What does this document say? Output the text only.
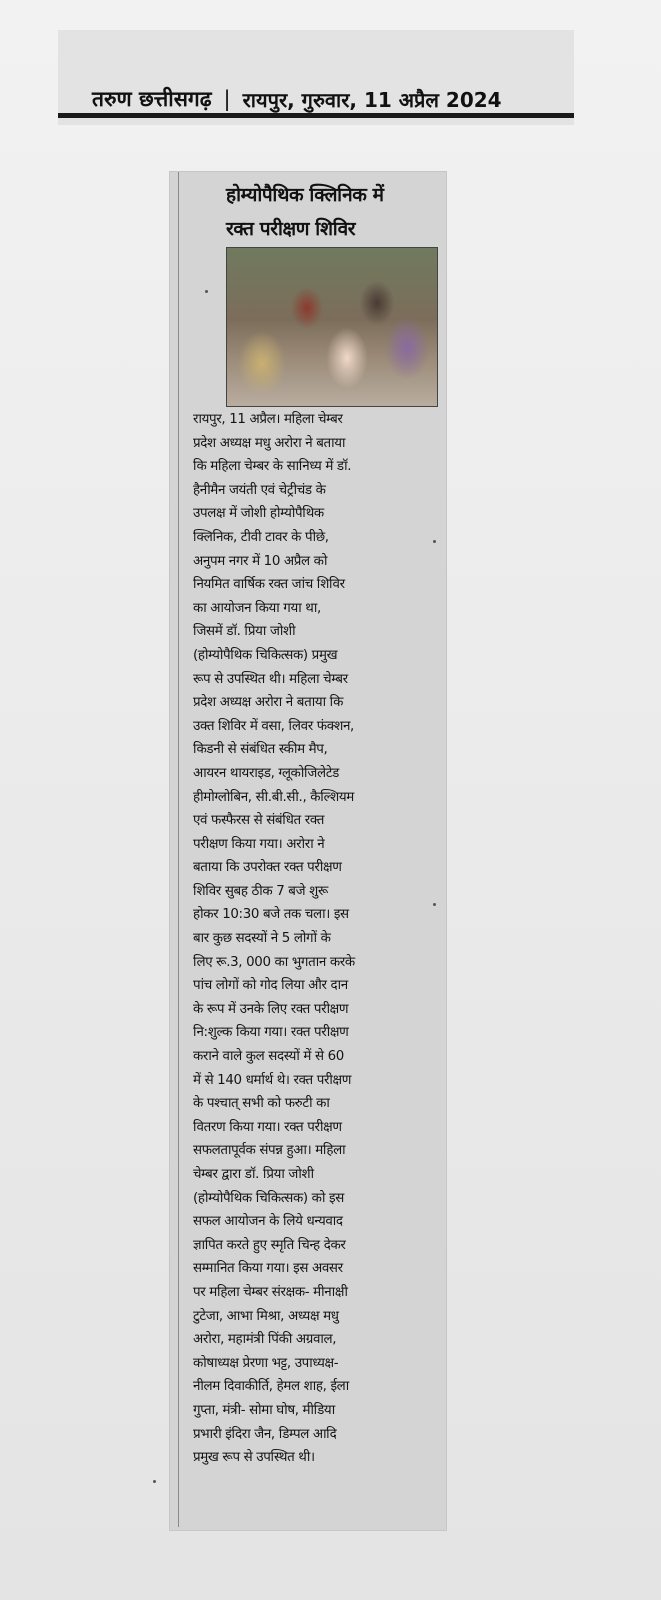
तरुण छत्तीसगढ़ | रायपुर, गुरुवार, 11 अप्रैल 2024
होम्योपैथिक क्लिनिक में
रक्त परीक्षण शिविर
रायपुर, 11 अप्रैल। महिला चेम्बर
प्रदेश अध्यक्ष मधु अरोरा ने बताया
कि महिला चेम्बर के सानिध्य में डॉ.
हैनीमैन जयंती एवं चेट्रीचंड के
उपलक्ष में जोशी होम्योपैथिक
क्लिनिक, टीवी टावर के पीछे,
अनुपम नगर में 10 अप्रैल को
नियमित वार्षिक रक्त जांच शिविर
का आयोजन किया गया था,
जिसमें डॉ. प्रिया जोशी
(होम्योपैथिक चिकित्सक) प्रमुख
रूप से उपस्थित थी। महिला चेम्बर
प्रदेश अध्यक्ष अरोरा ने बताया कि
उक्त शिविर में वसा, लिवर फंक्शन,
किडनी से संबंधित स्कीम मैप,
आयरन थायराइड, ग्लूकोजिलेटेड
हीमोग्लोबिन, सी.बी.सी., कैल्शियम
एवं फस्फैरस से संबंधित रक्त
परीक्षण किया गया। अरोरा ने
बताया कि उपरोक्त रक्त परीक्षण
शिविर सुबह ठीक 7 बजे शुरू
होकर 10:30 बजे तक चला। इस
बार कुछ सदस्यों ने 5 लोगों के
लिए रू.3, 000 का भुगतान करके
पांच लोगों को गोद लिया और दान
के रूप में उनके लिए रक्त परीक्षण
नि:शुल्क किया गया। रक्त परीक्षण
कराने वाले कुल सदस्यों में से 60
में से 140 धर्मार्थ थे। रक्त परीक्षण
के पश्चात् सभी को फरुटी का
वितरण किया गया। रक्त परीक्षण
सफलतापूर्वक संपन्न हुआ। महिला
चेम्बर द्वारा डॉ. प्रिया जोशी
(होम्योपैथिक चिकित्सक) को इस
सफल आयोजन के लिये धन्यवाद
ज्ञापित करते हुए स्मृति चिन्ह देकर
सम्मानित किया गया। इस अवसर
पर महिला चेम्बर संरक्षक- मीनाक्षी
टुटेजा, आभा मिश्रा, अध्यक्ष मधु
अरोरा, महामंत्री पिंकी अग्रवाल,
कोषाध्यक्ष प्रेरणा भट्ट, उपाध्यक्ष-
नीलम दिवाकीर्ति, हेमल शाह, ईला
गुप्ता, मंत्री- सोमा घोष, मीडिया
प्रभारी इंदिरा जैन, डिम्पल आदि
प्रमुख रूप से उपस्थित थी।
